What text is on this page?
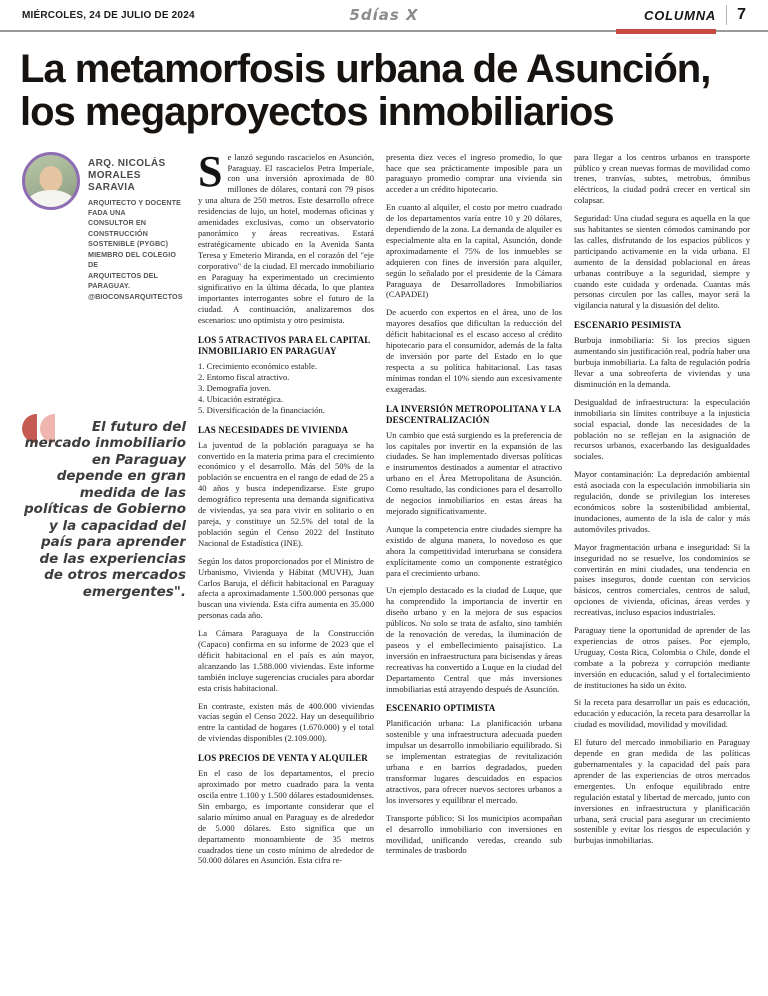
MIÉRCOLES, 24 DE JULIO DE 2024	5días X	COLUMNA 7
La metamorfosis urbana de Asunción, los megaproyectos inmobiliarios
ARQ. NICOLÁS MORALES SARAVIA
ARQUITECTO Y DOCENTE FADA UNA
CONSULTOR EN CONSTRUCCIÓN
SOSTENIBLE (PYGBC)
MIEMBRO DEL COLEGIO DE
ARQUITECTOS DEL PARAGUAY.
@BIOCONSARQUITECTOS
El futuro del mercado inmobiliario en Paraguay depende en gran medida de las políticas de Gobierno y la capacidad del país para aprender de las experiencias de otros mercados emergentes".

Se lanzó segundo rascacielos en Asunción, Paraguay. El rascacielos Petra Imperiale, con una inversión aproximada de 80 millones de dólares, contará con 79 pisos y una altura de 250 metros. Este desarrollo ofrece residencias de lujo, un hotel, modernas oficinas y amenidades exclusivas, como un observatorio panorámico y áreas recreativas. Estará estratégicamente ubicado en la Avenida Santa Teresa y Emeterio Miranda, en el corazón del "eje corporativo" de la ciudad. El mercado inmobiliario en Paraguay ha experimentado un crecimiento significativo en la última década, lo que plantea importantes interrogantes sobre el futuro de la ciudad. A continuación, analizaremos dos escenarios: uno optimista y otro pesimista.

LOS 5 ATRACTIVOS PARA EL CAPITAL INMOBILIARIO EN PARAGUAY

1. Crecimiento económico estable.

2. Entorno fiscal atractivo.

3. Demografía joven.

4. Ubicación estratégica.

5. Diversificación de la financiación.

LAS NECESIDADES DE VIVIENDA

La juventud de la población paraguaya se ha convertido en la materia prima para el crecimiento económico y el desarrollo. Más del 50% de la población se encuentra en el rango de edad de 25 a 40 años y busca independizarse. Este grupo demográfico representa una demanda significativa de viviendas, ya sea para vivir en solitario o en pareja, y constituye un 52.5% del total de la población según el Censo 2022 del Instituto Nacional de Estadística (INE).

Según los datos proporcionados por el Ministro de Urbanismo, Vivienda y Hábitat (MUVH), Juan Carlos Baruja, el déficit habitacional en Paraguay afecta a aproximadamente 1.500.000 personas que buscan una vivienda. Esta cifra aumenta en 35.000 personas cada año.

La Cámara Paraguaya de la Construcción (Capaco) confirma en su informe de 2023 que el déficit habitacional en el país es aún mayor, alcanzando las 1.588.000 viviendas. Este informe también incluye sugerencias cruciales para abordar esta crisis habitacional.

En contraste, existen más de 400.000 viviendas vacías según el Censo 2022. Hay un desequilibrio entre la cantidad de hogares (1.670.000) y el total de viviendas disponibles (2.109.000).

LOS PRECIOS DE VENTA Y ALQUILER

En el caso de los departamentos, el precio aproximado por metro cuadrado para la venta oscila entre 1.100 y 1.500 dólares estadounidenses. Sin embargo, es importante considerar que el salario mínimo anual en Paraguay es de alrededor de 5.000 dólares. Esto significa que un departamento monoambiente de 35 metros cuadrados tiene un costo mínimo de alrededor de 50.000 dólares en Asunción. Esta cifra re-

presenta diez veces el ingreso promedio, lo que hace que sea prácticamente imposible para un paraguayo promedio comprar una vivienda sin acceder a un crédito hipotecario.

En cuanto al alquiler, el costo por metro cuadrado de los departamentos varía entre 10 y 20 dólares, dependiendo de la zona. La demanda de alquiler es especialmente alta en la capital, Asunción, donde aproximadamente el 75% de los inmuebles se adquieren con fines de inversión para alquiler, según lo señalado por el presidente de la Cámara Paraguaya de Desarrolladores Inmobiliarios (CAPADEI)

De acuerdo con expertos en el área, uno de los mayores desafíos que dificultan la reducción del déficit habitacional es el escaso acceso al crédito hipotecario para el consumidor, además de la falta de inversión por parte del Estado en lo que respecta a su política habitacional. Las tasas mínimas rondan el 10% siendo aun excesivamente exageradas.

LA INVERSIÓN METROPOLITANA Y LA DESCENTRALIZACIÓN

Un cambio que está surgiendo es la preferencia de los capitales por invertir en la expansión de las ciudades. Se han implementado diversas políticas e instrumentos destinados a aumentar el atractivo urbano en el Área Metropolitana de Asunción. Como resultado, las condiciones para el desarrollo de negocios inmobiliarios en estas áreas ha mejorado significativamente.

Aunque la competencia entre ciudades siempre ha existido de alguna manera, lo novedoso es que ahora la competitividad interurbana se considera explícitamente como un componente estratégico para el crecimiento urbano.

Un ejemplo destacado es la ciudad de Luque, que ha comprendido la importancia de invertir en diseño urbano y en la mejora de sus espacios públicos. No solo se trata de asfalto, sino también de la renovación de veredas, la iluminación de paseos y el embellecimiento paisajístico. La inversión en infraestructura para bicisendas y áreas recreativas ha convertido a Luque en la ciudad del Departamento Central que más inversiones inmobiliarias está atrayendo después de Asunción.

ESCENARIO OPTIMISTA

Planificación urbana: La planificación urbana sostenible y una infraestructura adecuada pueden impulsar un desarrollo inmobiliario equilibrado. Si se implementan estrategias de revitalización urbana e en barrios degradados, pueden transformar lugares descuidados en espacios atractivos, para ofrecer nuevos sectores urbanos a los inversores y equilibrar el mercado.

Transporte público: Si los municipios acompañan el desarrollo inmobiliario con inversiones en movilidad, unificando veredas, creando sub terminales de trasbordo

para llegar a los centros urbanos en transporte público y crean nuevas formas de movilidad como trenes, tranvías, subtes, metrobus, ómnibus eléctricos, la ciudad podrá crecer en vertical sin colapsar.

Seguridad: Una ciudad segura es aquella en la que sus habitantes se sienten cómodos caminando por las calles, disfrutando de los espacios públicos y participando activamente en la vida urbana. El aumento de la densidad poblacional en áreas urbanas contribuye a la seguridad, siempre y cuando este cuidada y ordenada. Cuantas más personas circulen por las calles, mayor será la vigilancia natural y la disuasión del delito.

ESCENARIO PESIMISTA

Burbuja inmobiliaria: Si los precios siguen aumentando sin justificación real, podría haber una burbuja inmobiliaria. La falta de regulación podría llevar a una sobreoferta de viviendas y una disminución en la demanda.

Desigualdad de infraestructura: la especulación inmobiliaria sin límites contribuye a la injusticia social espacial, donde las necesidades de la población no se reflejan en la asignación de recursos urbanos, exacerbando las desigualdades sociales.

Mayor contaminación: La depredación ambiental está asociada con la especulación inmobiliaria sin regulación, donde se privilegian los intereses económicos sobre la sostenibilidad ambiental, inundaciones, aumento de la isla de calor y más automóviles privados.

Mayor fragmentación urbana e inseguridad: Si la inseguridad no se resuelve, los condominios se convertirán en mini ciudades, una tendencia en países inseguros, donde cuentan con servicios básicos, centros comerciales, centros de salud, opciones de vivienda, oficinas, áreas verdes y recreativas, incluso espacios industriales.

Paraguay tiene la oportunidad de aprender de las experiencias de otros países. Por ejemplo, Uruguay, Costa Rica, Colombia o Chile, donde el combate a la pobreza y corrupción mediante inversión en educación, salud y el fortalecimiento de instituciones ha sido un éxito.

Si la receta para desarrollar un país es educación, educación y educación, la receta para desarrollar la ciudad es movilidad, movilidad y movilidad.

El futuro del mercado inmobiliario en Paraguay depende en gran medida de las políticas gubernamentales y la capacidad del país para aprender de las experiencias de otros mercados emergentes. Un enfoque equilibrado entre regulación estatal y libertad de mercado, junto con inversiones en infraestructura y planificación urbana, será crucial para asegurar un crecimiento sostenible y evitar los riesgos de especulación y burbujas inmobiliarias.
